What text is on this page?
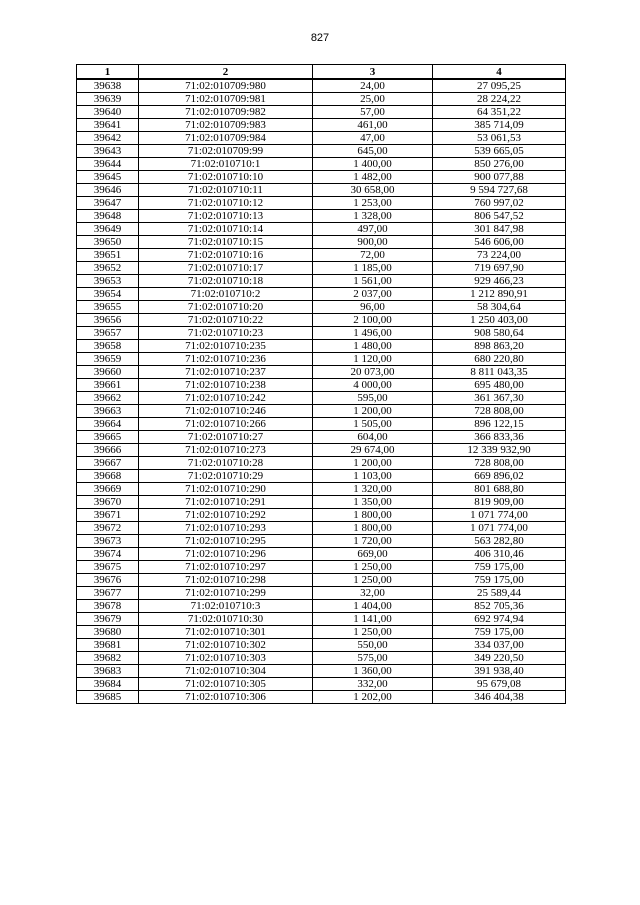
827
1	2	3	4
39638	71:02:010709:980	24,00	27 095,25
39639	71:02:010709:981	25,00	28 224,22
39640	71:02:010709:982	57,00	64 351,22
39641	71:02:010709:983	461,00	385 714,09
39642	71:02:010709:984	47,00	53 061,53
39643	71:02:010709:99	645,00	539 665,05
39644	71:02:010710:1	1 400,00	850 276,00
39645	71:02:010710:10	1 482,00	900 077,88
39646	71:02:010710:11	30 658,00	9 594 727,68
39647	71:02:010710:12	1 253,00	760 997,02
39648	71:02:010710:13	1 328,00	806 547,52
39649	71:02:010710:14	497,00	301 847,98
39650	71:02:010710:15	900,00	546 606,00
39651	71:02:010710:16	72,00	73 224,00
39652	71:02:010710:17	1 185,00	719 697,90
39653	71:02:010710:18	1 561,00	929 466,23
39654	71:02:010710:2	2 037,00	1 212 890,91
39655	71:02:010710:20	96,00	58 304,64
39656	71:02:010710:22	2 100,00	1 250 403,00
39657	71:02:010710:23	1 496,00	908 580,64
39658	71:02:010710:235	1 480,00	898 863,20
39659	71:02:010710:236	1 120,00	680 220,80
39660	71:02:010710:237	20 073,00	8 811 043,35
39661	71:02:010710:238	4 000,00	695 480,00
39662	71:02:010710:242	595,00	361 367,30
39663	71:02:010710:246	1 200,00	728 808,00
39664	71:02:010710:266	1 505,00	896 122,15
39665	71:02:010710:27	604,00	366 833,36
39666	71:02:010710:273	29 674,00	12 339 932,90
39667	71:02:010710:28	1 200,00	728 808,00
39668	71:02:010710:29	1 103,00	669 896,02
39669	71:02:010710:290	1 320,00	801 688,80
39670	71:02:010710:291	1 350,00	819 909,00
39671	71:02:010710:292	1 800,00	1 071 774,00
39672	71:02:010710:293	1 800,00	1 071 774,00
39673	71:02:010710:295	1 720,00	563 282,80
39674	71:02:010710:296	669,00	406 310,46
39675	71:02:010710:297	1 250,00	759 175,00
39676	71:02:010710:298	1 250,00	759 175,00
39677	71:02:010710:299	32,00	25 589,44
39678	71:02:010710:3	1 404,00	852 705,36
39679	71:02:010710:30	1 141,00	692 974,94
39680	71:02:010710:301	1 250,00	759 175,00
39681	71:02:010710:302	550,00	334 037,00
39682	71:02:010710:303	575,00	349 220,50
39683	71:02:010710:304	1 360,00	391 938,40
39684	71:02:010710:305	332,00	95 679,08
39685	71:02:010710:306	1 202,00	346 404,38
